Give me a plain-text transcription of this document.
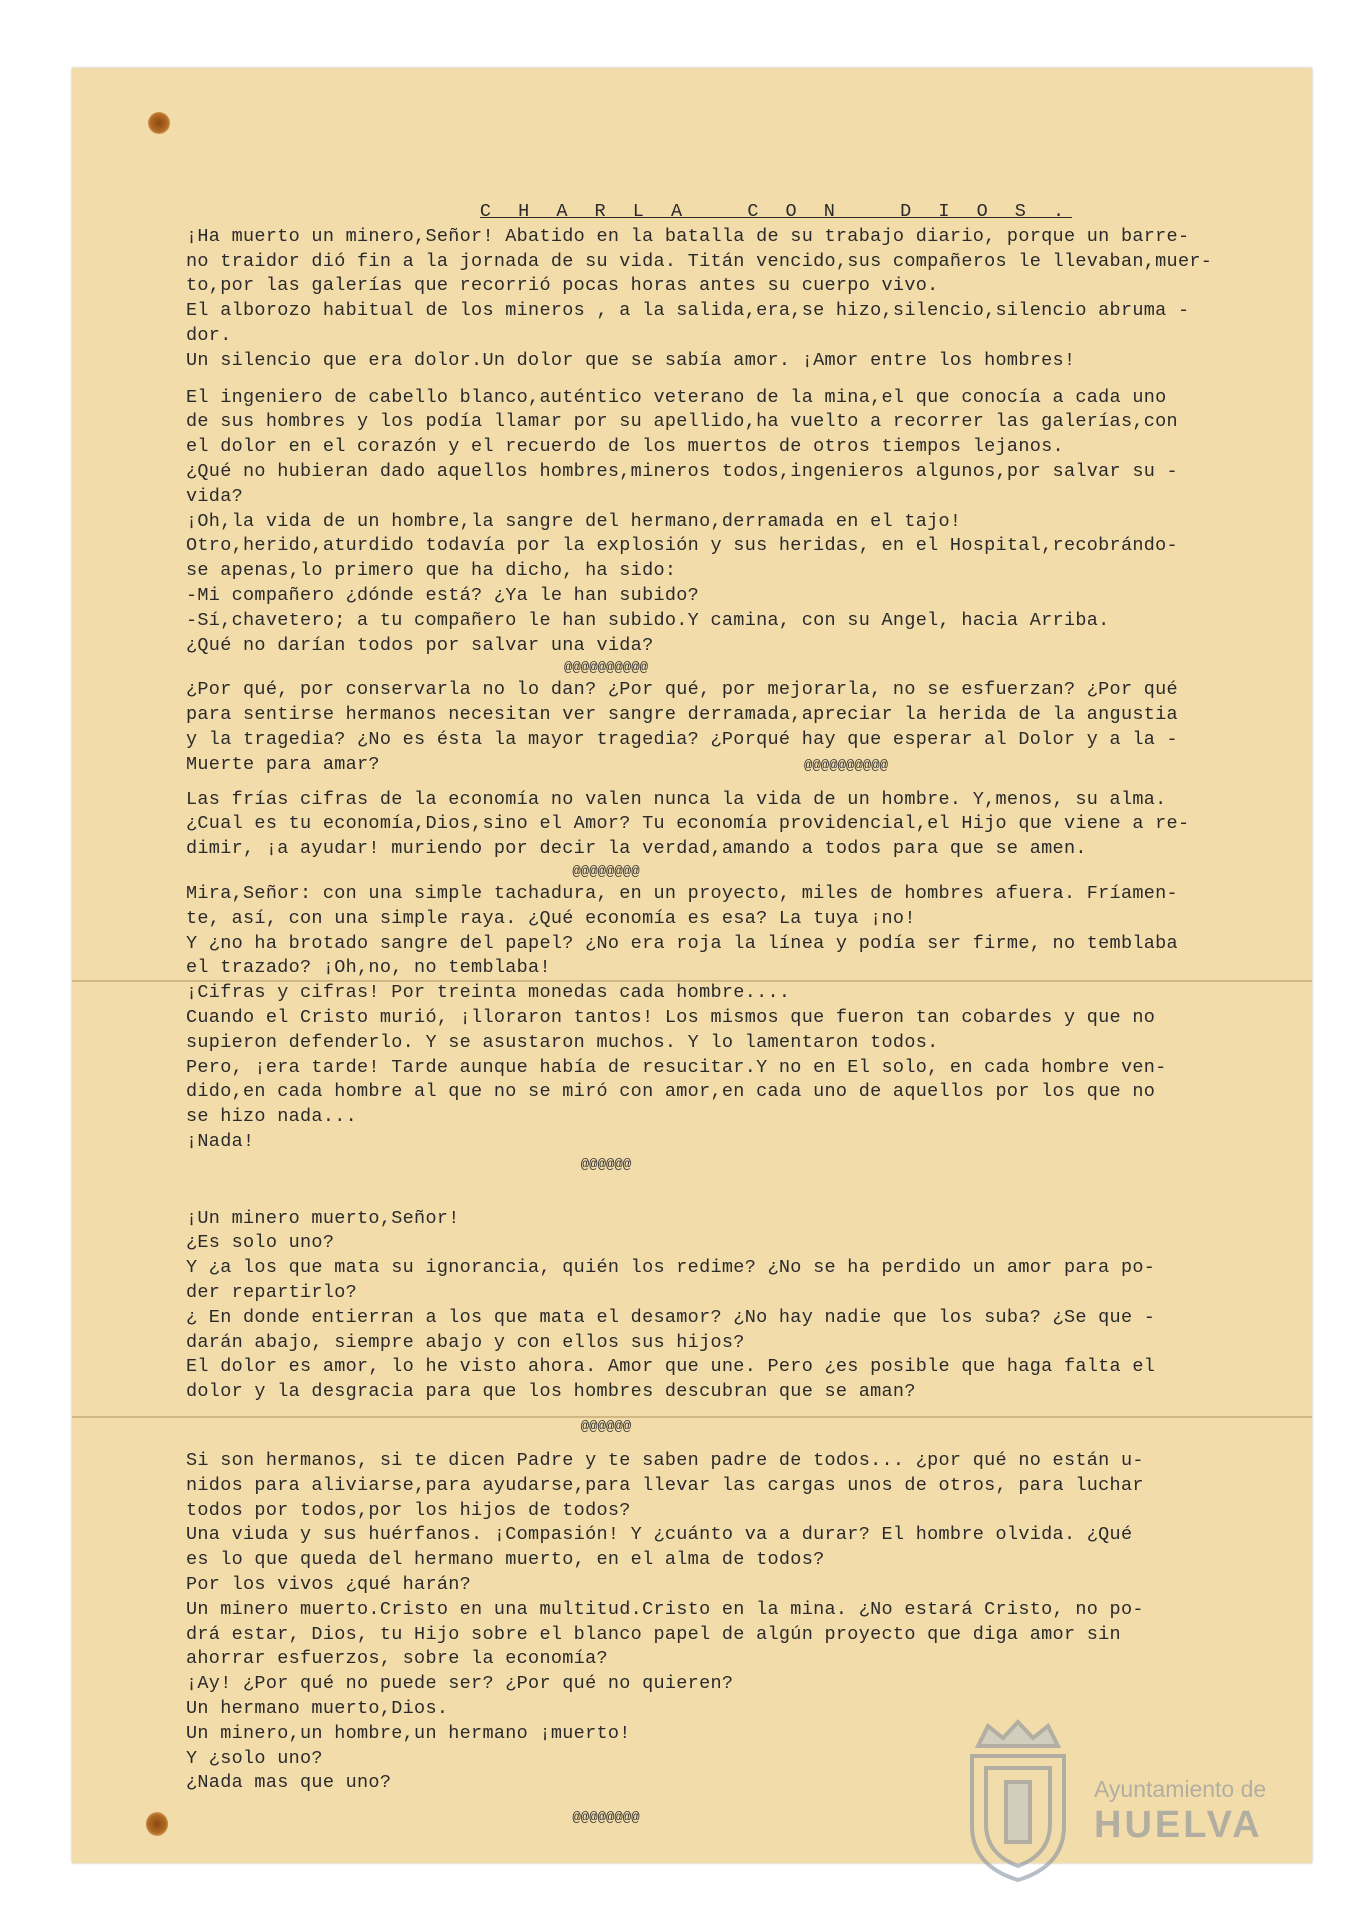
C H A R L A   C O N   D I O S .

¡Ha muerto un minero,Señor! Abatido en la batalla de su trabajo diario, porque un barre-

no traidor dió fin a la jornada de su vida. Titán vencido,sus compañeros le llevaban,muer-

to,por las galerías que recorrió pocas horas antes su cuerpo vivo.

El alborozo habitual de los mineros , a la salida,era,se hizo,silencio,silencio abruma -

dor.

Un silencio que era dolor.Un dolor que se sabía amor. ¡Amor entre los hombres!

El ingeniero de cabello blanco,auténtico veterano de la mina,el que conocía a cada uno

de sus hombres y los podía llamar por su apellido,ha vuelto a recorrer las galerías,con

el dolor en el corazón y el recuerdo de los muertos de otros tiempos lejanos.

¿Qué no hubieran dado aquellos hombres,mineros todos,ingenieros algunos,por salvar su -

vida?

¡Oh,la vida de un hombre,la sangre del hermano,derramada en el tajo!

Otro,herido,aturdido todavía por la explosión y sus heridas, en el Hospital,recobrándo-

se apenas,lo primero que ha dicho, ha sido:

-Mi compañero ¿dónde está? ¿Ya le han subido?

-Sí,chavetero; a tu compañero le han subido.Y camina, con su Angel, hacia Arriba.

¿Qué no darían todos por salvar una vida?

@@@@@@@@@@

¿Por qué, por conservarla no lo dan? ¿Por qué, por mejorarla, no se esfuerzan? ¿Por qué

para sentirse hermanos necesitan ver sangre derramada,apreciar la herida de la angustia

y la tragedia? ¿No es ésta la mayor tragedia? ¿Porqué hay que esperar al Dolor y a la -

Muerte para amar?	@@@@@@@@@@

Las frías cifras de la economía no valen nunca la vida de un hombre. Y,menos, su alma.

¿Cual es tu economía,Dios,sino el Amor? Tu economía providencial,el Hijo que viene a re-

dimir, ¡a ayudar! muriendo por decir la verdad,amando a todos para que se amen.

@@@@@@@@

Mira,Señor: con una simple tachadura, en un proyecto, miles de hombres afuera. Fríamen-

te, así, con una simple raya. ¿Qué economía es esa? La tuya ¡no!

Y ¿no ha brotado sangre del papel? ¿No era roja la línea y podía ser firme, no temblaba

el trazado? ¡Oh,no, no temblaba!

¡Cifras y cifras! Por treinta monedas cada hombre....

Cuando el Cristo murió, ¡lloraron tantos! Los mismos que fueron tan cobardes y que no

supieron defenderlo. Y se asustaron muchos. Y lo lamentaron todos.

Pero, ¡era tarde! Tarde aunque había de resucitar.Y no en El solo, en cada hombre ven-

dido,en cada hombre al que no se miró con amor,en cada uno de aquellos por los que no

se hizo nada...

¡Nada!

@@@@@@

¡Un minero muerto,Señor!

¿Es solo uno?

Y ¿a los que mata su ignorancia, quién los redime? ¿No se ha perdido un amor para po-

der repartirlo?

¿ En donde entierran a los que mata el desamor? ¿No hay nadie que los suba? ¿Se que -

darán abajo, siempre abajo y con ellos sus hijos?

El dolor es amor, lo he visto ahora. Amor que une. Pero ¿es posible que haga falta el

dolor y la desgracia para que los hombres descubran que se aman?

@@@@@@

Si son hermanos, si te dicen Padre y te saben padre de todos... ¿por qué no están u-

nidos para aliviarse,para ayudarse,para llevar las cargas unos de otros, para luchar

todos por todos,por los hijos de todos?

Una viuda y sus huérfanos. ¡Compasión! Y ¿cuánto va a durar? El hombre olvida. ¿Qué

es lo que queda del hermano muerto, en el alma de todos?

Por los vivos ¿qué harán?

Un minero muerto.Cristo en una multitud.Cristo en la mina. ¿No estará Cristo, no po-

drá estar, Dios, tu Hijo sobre el blanco papel de algún proyecto que diga amor sin

ahorrar esfuerzos, sobre la economía?

¡Ay! ¿Por qué no puede ser? ¿Por qué no quieren?

Un hermano muerto,Dios.

Un minero,un hombre,un hermano ¡muerto!

Y ¿solo uno?

¿Nada mas que uno?

@@@@@@@@

Ayuntamiento de
HUELVA
